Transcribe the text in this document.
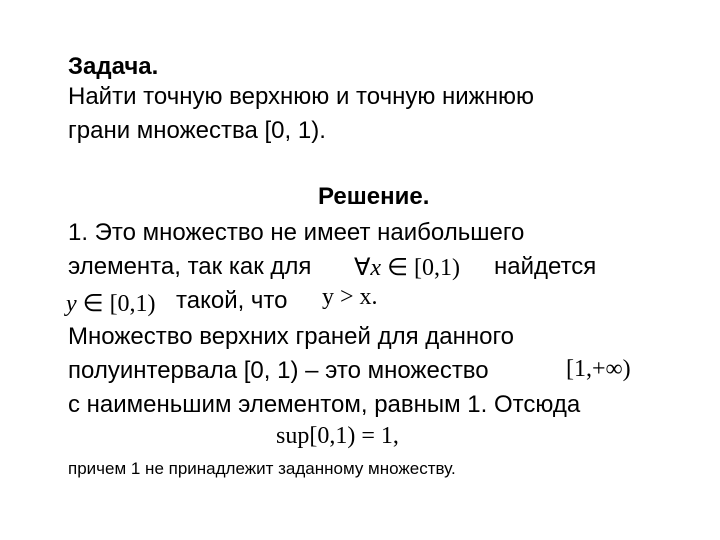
Задача.
Найти точную верхнюю и точную нижнюю
грани множества [0, 1).
Решение.
1. Это множество не имеет наибольшего
элемента, так как для ∀x ∈ [0,1) найдется
y ∈ [0,1) такой, что y > x.
Множество верхних граней для данного
полуинтервала [0, 1) – это множество	[1,+∞)
с наименьшим элементом, равным 1. Отсюда
sup[0,1) = 1,
причем 1 не принадлежит заданному множеству.
